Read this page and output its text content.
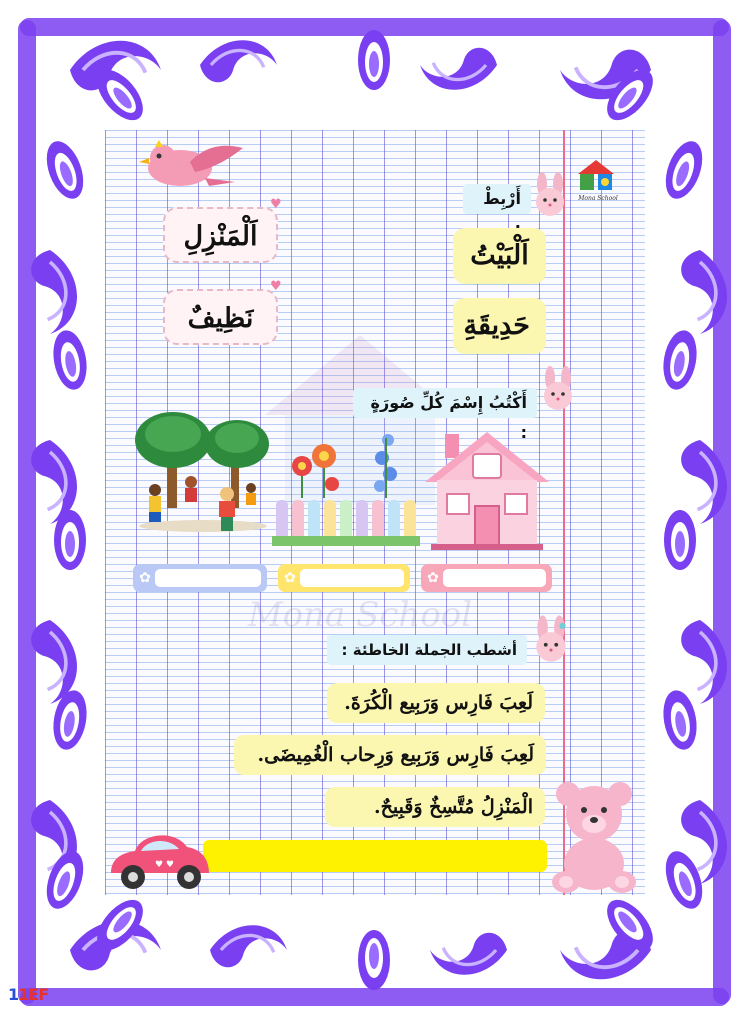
Mona School
Mona School
أَرْبِطْ
اَلْمَنْزِلِ
♥
نَظِيفٌ
♥
اَلْبَيْتُ
حَدِيقَةِ
أَكْتُبُ إِسْمَ كُلِّ صُورَةٍ :
✿	✿	✿
أشطب الجملة الخاطئة :
لَعِبَ فَارِس وَرَبِيع الْكُرَةَ.
لَعِبَ فَارِس وَرَبِيع وَرِحاب الْغُمِيضَى.
الْمَنْزِلُ مُتَّسِخٌ وَقَبِيحٌ.
♥ ♥
11EF
